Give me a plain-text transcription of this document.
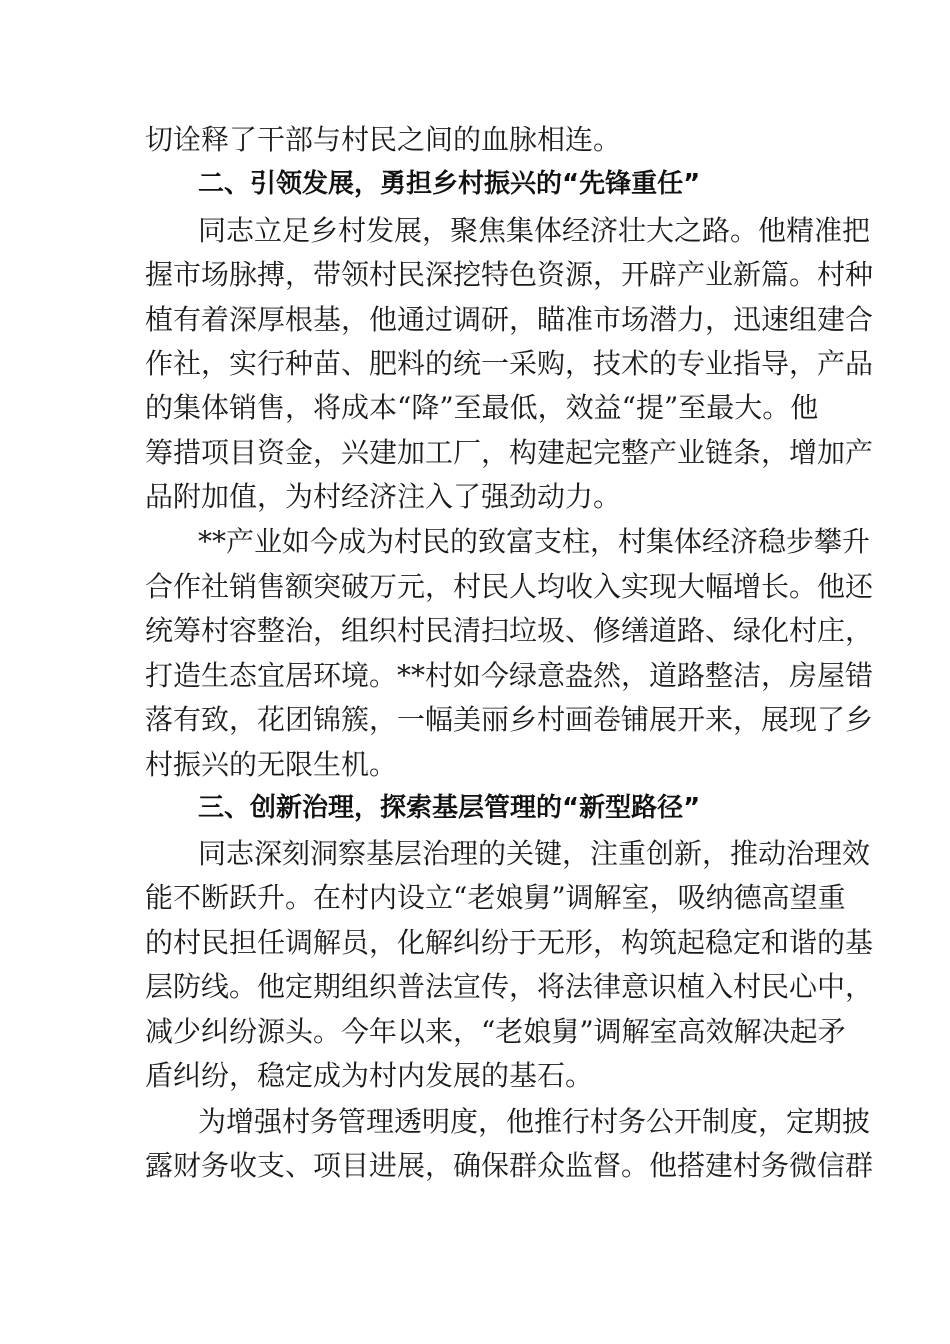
切诠释了干部与村民之间的血脉相连。
二、引领发展，勇担乡村振兴的“先锋重任”
同志立足乡村发展，聚焦集体经济壮大之路。他精准把
握市场脉搏，带领村民深挖特色资源，开辟产业新篇。村种
植有着深厚根基，他通过调研，瞄准市场潜力，迅速组建合
作社，实行种苗、肥料的统一采购，技术的专业指导，产品
的集体销售，将成本“降”至最低，效益“提”至最大。他
筹措项目资金，兴建加工厂，构建起完整产业链条，增加产
品附加值，为村经济注入了强劲动力。
**产业如今成为村民的致富支柱，村集体经济稳步攀升
合作社销售额突破万元，村民人均收入实现大幅增长。他还
统筹村容整治，组织村民清扫垃圾、修缮道路、绿化村庄，
打造生态宜居环境。**村如今绿意盎然，道路整洁，房屋错
落有致，花团锦簇，一幅美丽乡村画卷铺展开来，展现了乡
村振兴的无限生机。
三、创新治理，探索基层管理的“新型路径”
同志深刻洞察基层治理的关键，注重创新，推动治理效
能不断跃升。在村内设立“老娘舅”调解室，吸纳德高望重
的村民担任调解员，化解纠纷于无形，构筑起稳定和谐的基
层防线。他定期组织普法宣传，将法律意识植入村民心中，
减少纠纷源头。今年以来，“老娘舅”调解室高效解决起矛
盾纠纷，稳定成为村内发展的基石。
为增强村务管理透明度，他推行村务公开制度，定期披
露财务收支、项目进展，确保群众监督。他搭建村务微信群
